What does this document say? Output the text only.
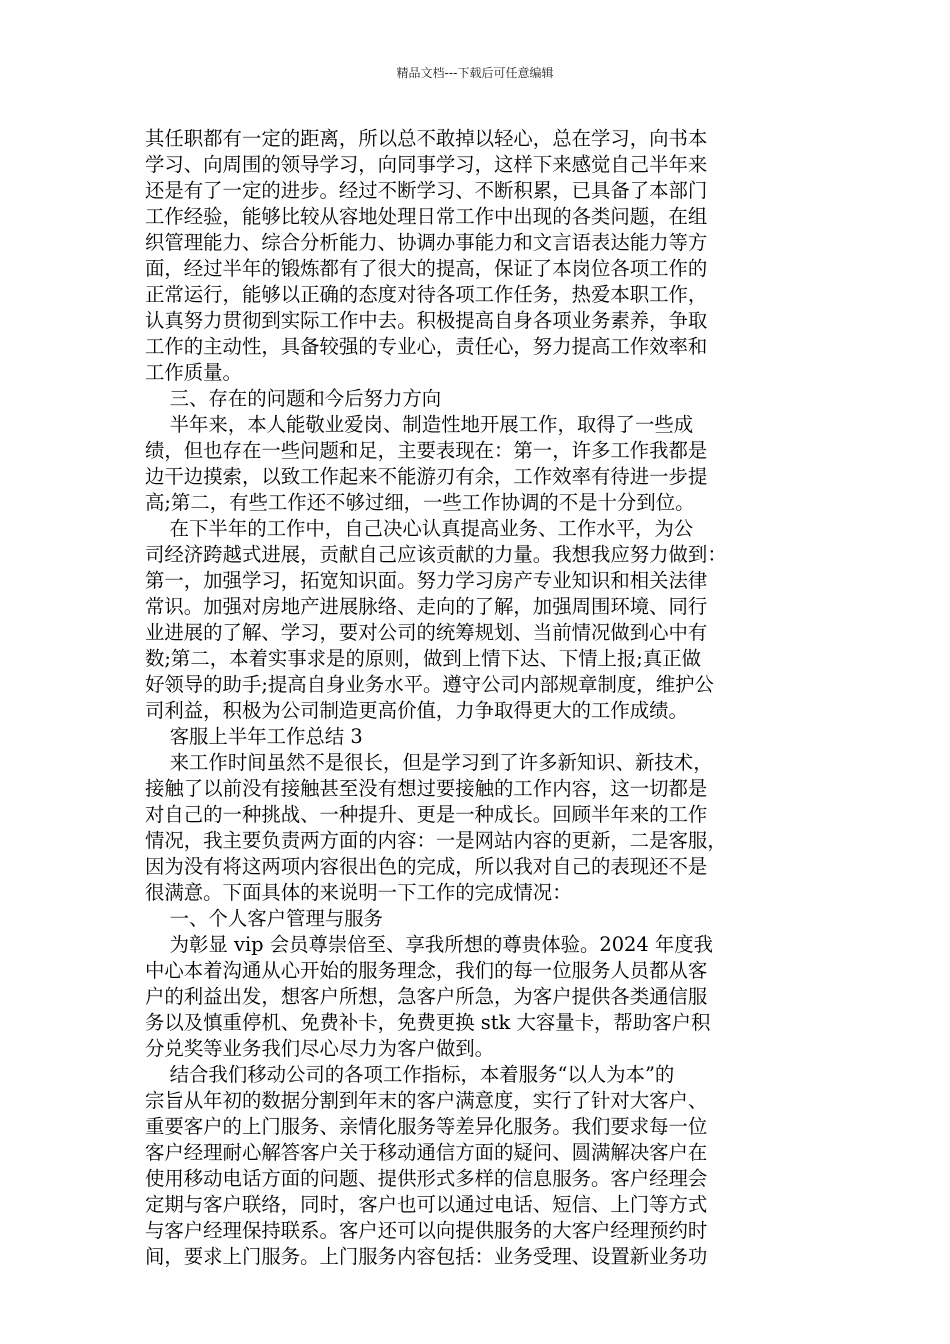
精品文档---下载后可任意编辑
其任职都有一定的距离，所以总不敢掉以轻心，总在学习，向书本
学习、向周围的领导学习，向同事学习，这样下来感觉自己半年来
还是有了一定的进步。经过不断学习、不断积累，已具备了本部门
工作经验，能够比较从容地处理日常工作中出现的各类问题，在组
织管理能力、综合分析能力、协调办事能力和文言语表达能力等方
面，经过半年的锻炼都有了很大的提高，保证了本岗位各项工作的
正常运行，能够以正确的态度对待各项工作任务，热爱本职工作，
认真努力贯彻到实际工作中去。积极提高自身各项业务素养，争取
工作的主动性，具备较强的专业心，责任心，努力提高工作效率和
工作质量。
三、存在的问题和今后努力方向
半年来，本人能敬业爱岗、制造性地开展工作，取得了一些成
绩，但也存在一些问题和足，主要表现在：第一，许多工作我都是
边干边摸索，以致工作起来不能游刃有余，工作效率有待进一步提
高;第二，有些工作还不够过细，一些工作协调的不是十分到位。
在下半年的工作中，自己决心认真提高业务、工作水平，为公
司经济跨越式进展，贡献自己应该贡献的力量。我想我应努力做到：
第一，加强学习，拓宽知识面。努力学习房产专业知识和相关法律
常识。加强对房地产进展脉络、走向的了解，加强周围环境、同行
业进展的了解、学习，要对公司的统筹规划、当前情况做到心中有
数;第二，本着实事求是的原则，做到上情下达、下情上报;真正做
好领导的助手;提高自身业务水平。遵守公司内部规章制度，维护公
司利益，积极为公司制造更高价值，力争取得更大的工作成绩。
客服上半年工作总结 3
来工作时间虽然不是很长，但是学习到了许多新知识、新技术，
接触了以前没有接触甚至没有想过要接触的工作内容，这一切都是
对自己的一种挑战、一种提升、更是一种成长。回顾半年来的工作
情况，我主要负责两方面的内容：一是网站内容的更新，二是客服，
因为没有将这两项内容很出色的完成，所以我对自己的表现还不是
很满意。下面具体的来说明一下工作的完成情况：
一、个人客户管理与服务
为彰显 vip 会员尊崇倍至、享我所想的尊贵体验。2024 年度我
中心本着沟通从心开始的服务理念，我们的每一位服务人员都从客
户的利益出发，想客户所想，急客户所急，为客户提供各类通信服
务以及慎重停机、免费补卡，免费更换 stk 大容量卡，帮助客户积
分兑奖等业务我们尽心尽力为客户做到。
结合我们移动公司的各项工作指标，本着服务“以人为本”的
宗旨从年初的数据分割到年末的客户满意度，实行了针对大客户、
重要客户的上门服务、亲情化服务等差异化服务。我们要求每一位
客户经理耐心解答客户关于移动通信方面的疑问、圆满解决客户在
使用移动电话方面的问题、提供形式多样的信息服务。客户经理会
定期与客户联络，同时，客户也可以通过电话、短信、上门等方式
与客户经理保持联系。客户还可以向提供服务的大客户经理预约时
间，要求上门服务。上门服务内容包括：业务受理、设置新业务功
